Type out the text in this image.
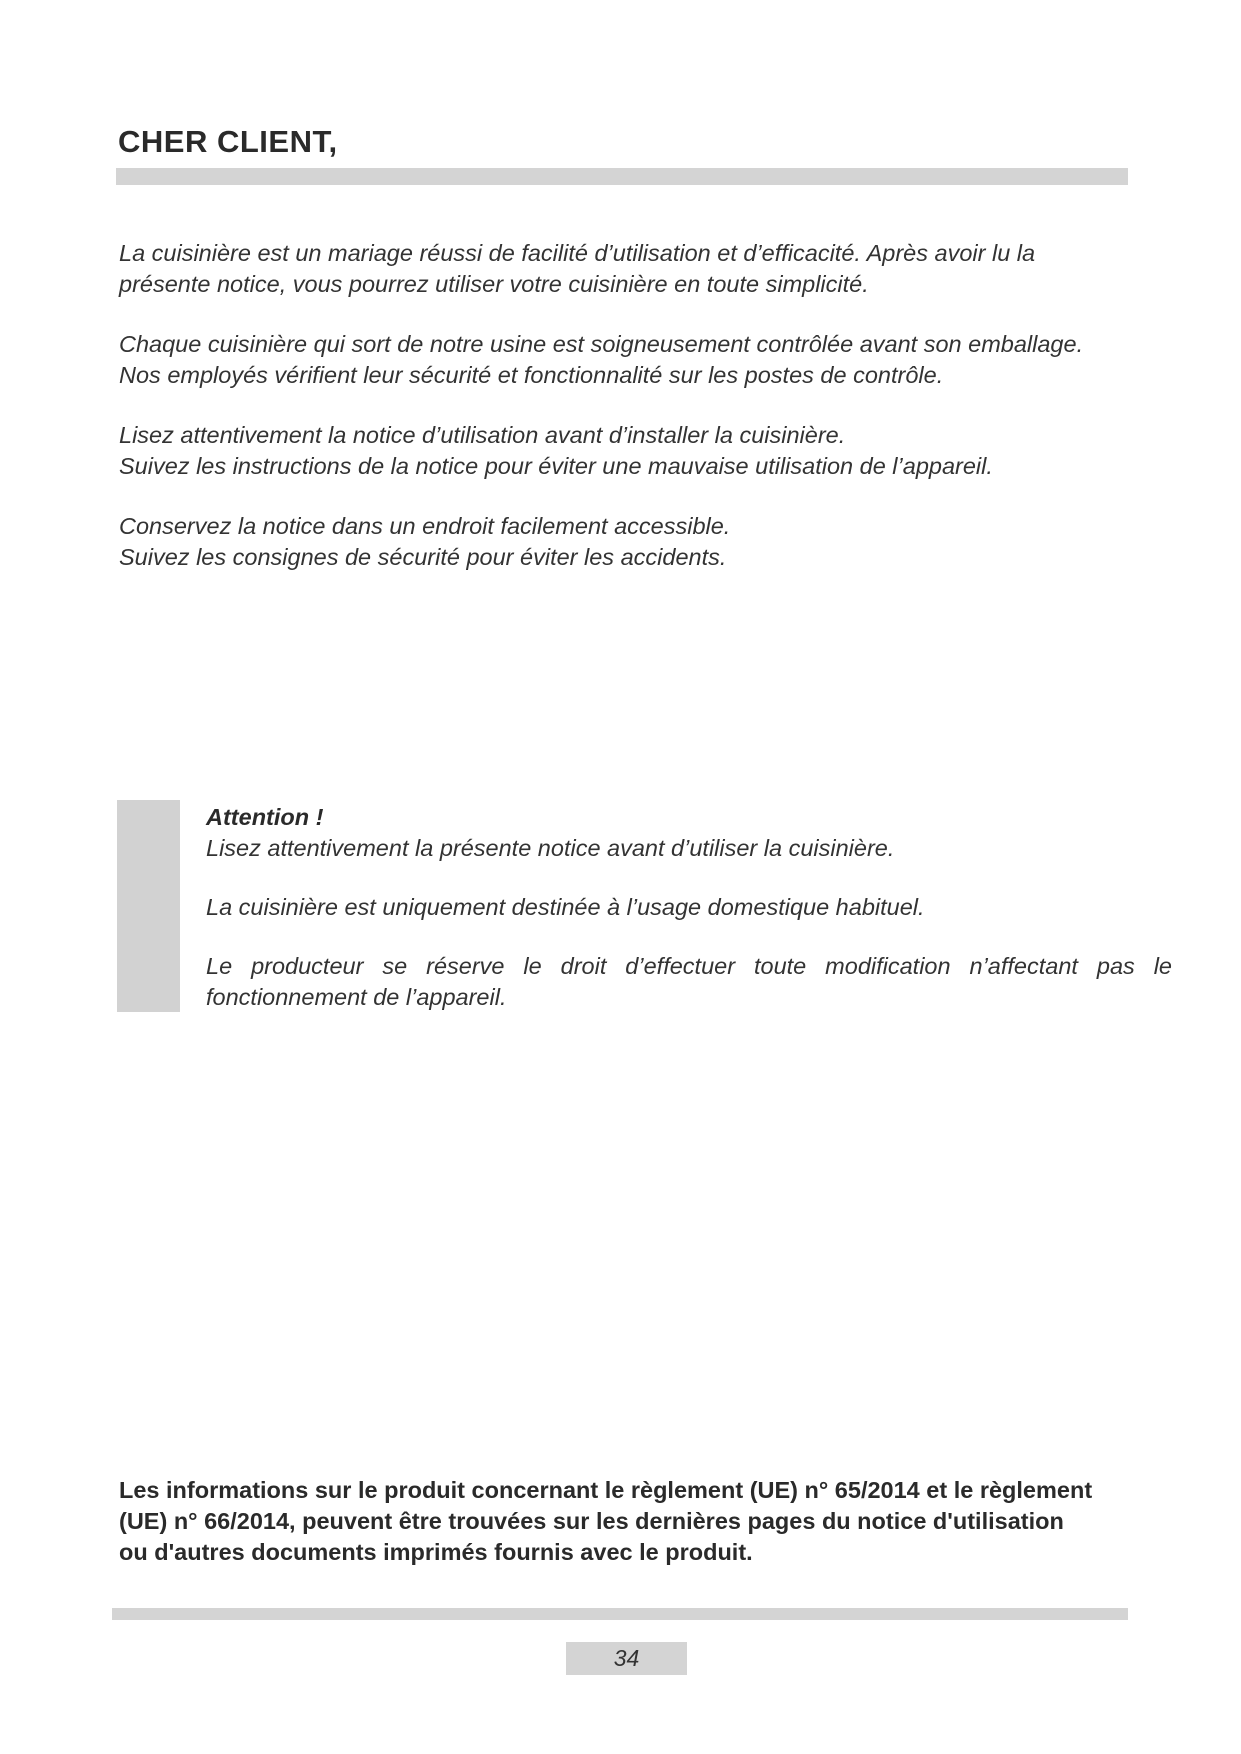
CHER CLIENT,

La cuisinière est un mariage réussi de facilité d’utilisation et d’efficacité. Après avoir lu la
présente notice, vous pourrez utiliser votre cuisinière en toute simplicité.

Chaque cuisinière qui sort de notre usine est soigneusement contrôlée avant son emballage.
Nos employés vérifient leur sécurité et fonctionnalité sur les postes de contrôle.

Lisez attentivement la notice d’utilisation avant d’installer la cuisinière.
Suivez les instructions de la notice pour éviter une mauvaise utilisation de l’appareil.

Conservez la notice dans un endroit facilement accessible.
Suivez les consignes de sécurité pour éviter les accidents.

Attention !

Lisez attentivement la présente notice avant d’utiliser la cuisinière.

La cuisinière est uniquement destinée à l’usage domestique habituel.

Le producteur se réserve le droit d’effectuer toute modification n’affectant pas le fonctionnement de l’appareil.

Les informations sur le produit concernant le règlement (UE) n° 65/2014 et le règlement
(UE) n° 66/2014, peuvent être trouvées sur les dernières pages du notice d'utilisation
ou d'autres documents imprimés fournis avec le produit.

34
